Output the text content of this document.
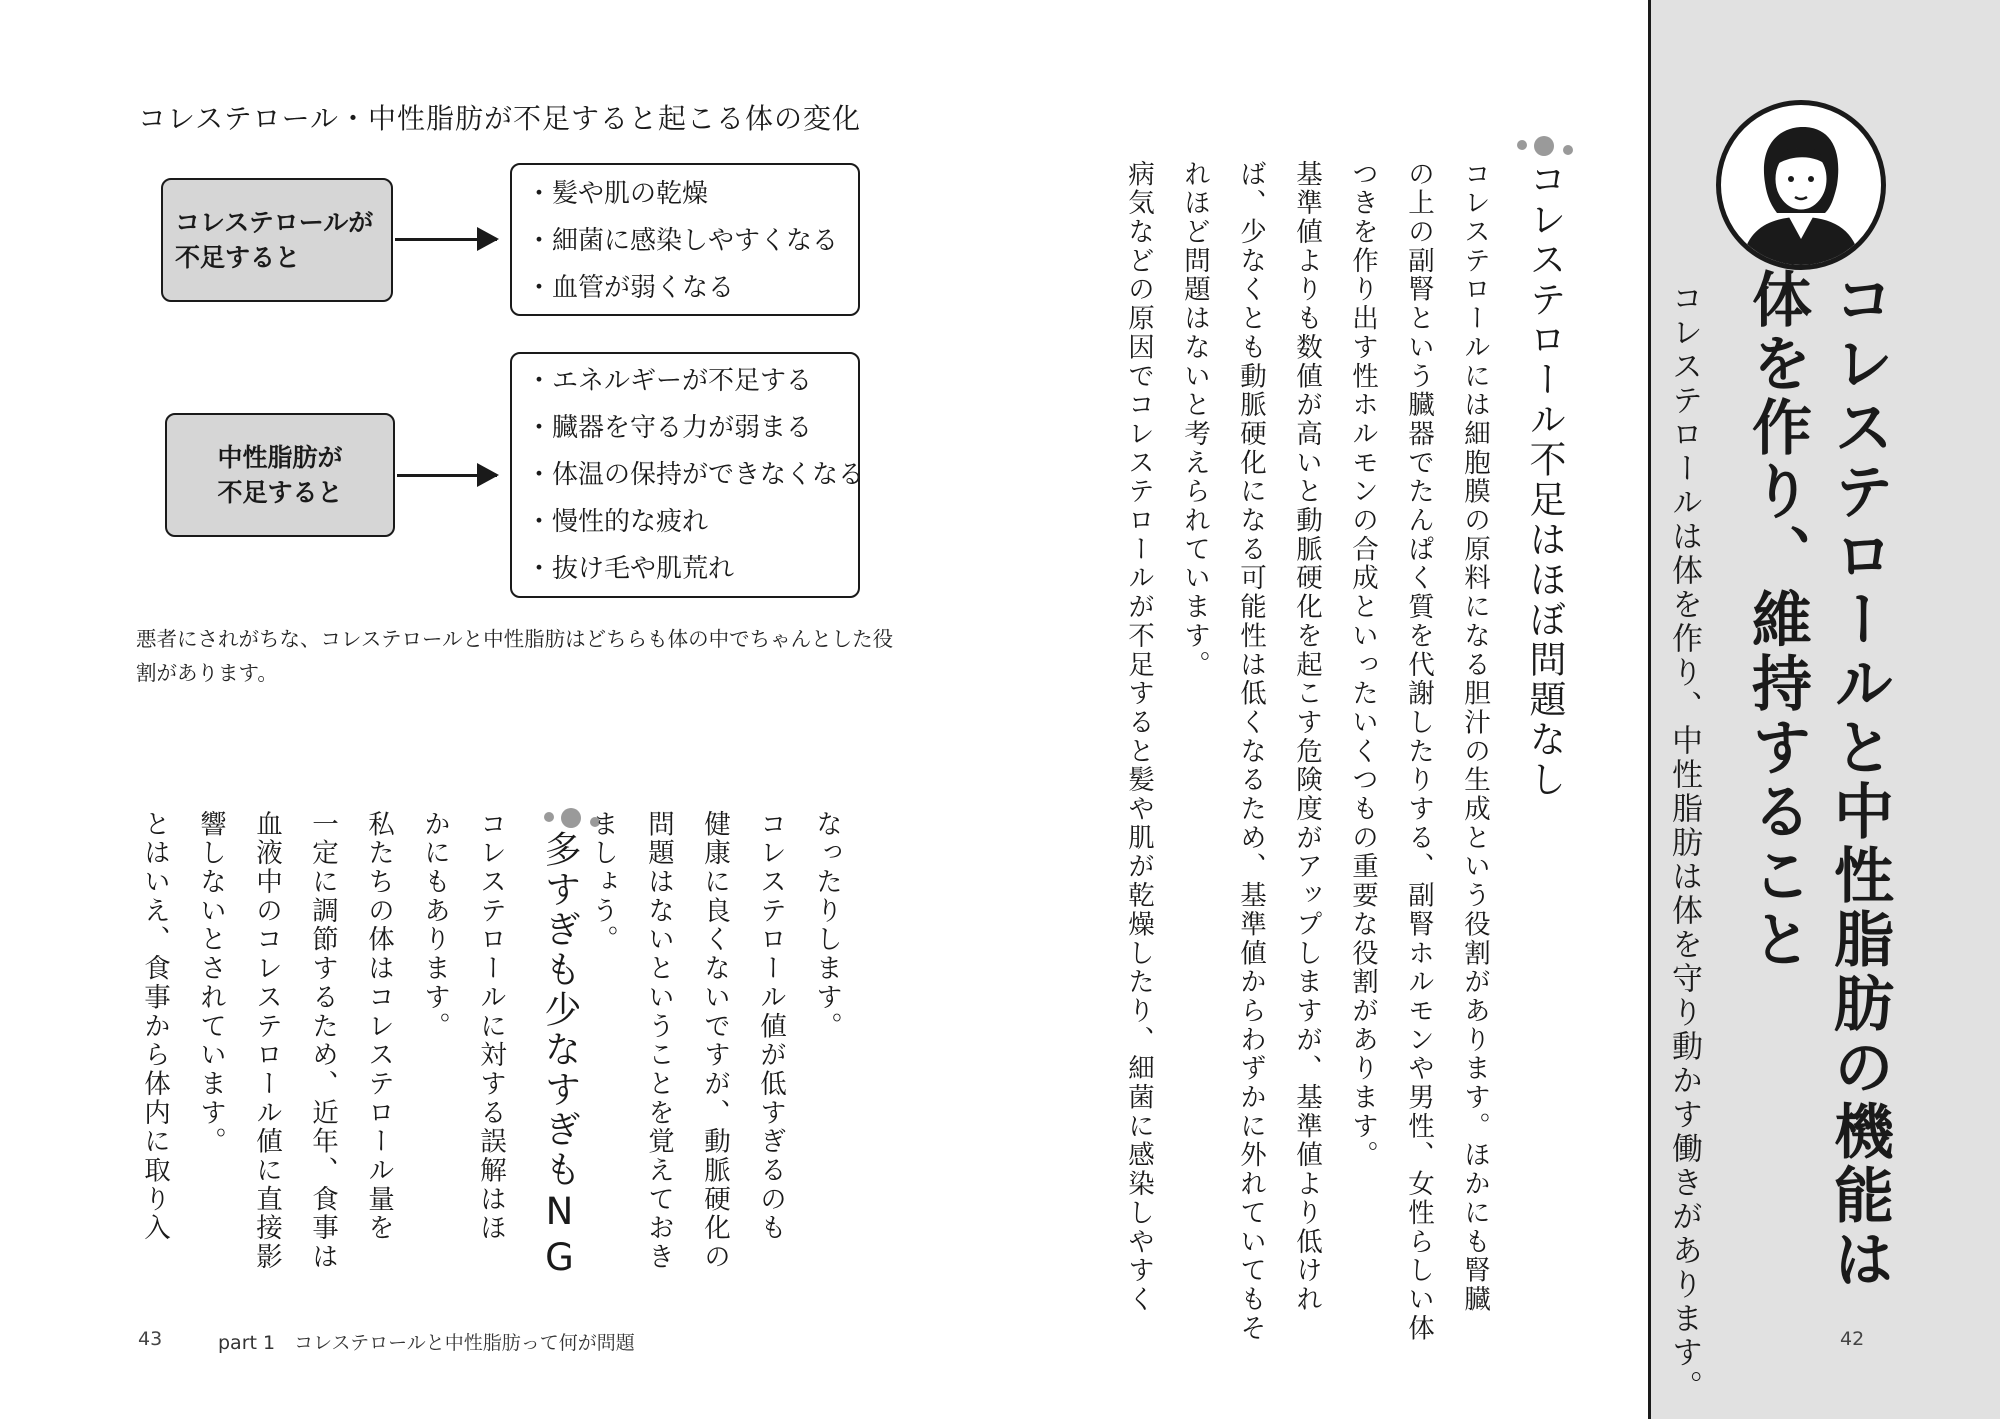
コレステロールと中性脂肪の機能は
体を作り、維持すること
コレステロールは体を作り、中性脂肪は体を守り動かす働きがあります。
コレステロール不足はほぼ問題なし
コレステロールには細胞膜の原料になる胆汁の生成という役割があります。ほかにも腎臓
の上の副腎という臓器でたんぱく質を代謝したりする、副腎ホルモンや男性、女性らしい体
つきを作り出す性ホルモンの合成といったいくつもの重要な役割があります。
基準値よりも数値が高いと動脈硬化を起こす危険度がアップしますが、基準値より低けれ
ば、少なくとも動脈硬化になる可能性は低くなるため、基準値からわずかに外れていてもそ
れほど問題はないと考えられています。
病気などの原因でコレステロールが不足すると髪や肌が乾燥したり、細菌に感染しやすく
42
コレステロール・中性脂肪が不足すると起こる体の変化
コレステロールが
不足すると
・髪や肌の乾燥
・細菌に感染しやすくなる
・血管が弱くなる
中性脂肪が
不足すると
・エネルギーが不足する
・臓器を守る力が弱まる
・体温の保持ができなくなる
・慢性的な疲れ
・抜け毛や肌荒れ
悪者にされがちな、コレステロールと中性脂肪はどちらも体の中でちゃんとした役割があります。
多すぎも少なすぎもNG	なったりします。
コレステロール値が低すぎるのも
健康に良くないですが、動脈硬化の
問題はないということを覚えておき
ましょう。
コレステロールに対する誤解はほ
かにもあります。
私たちの体はコレステロール量を
一定に調節するため、近年、食事は
血液中のコレステロール値に直接影
響しないとされています。
とはいえ、食事から体内に取り入
43	part 1　コレステロールと中性脂肪って何が問題
